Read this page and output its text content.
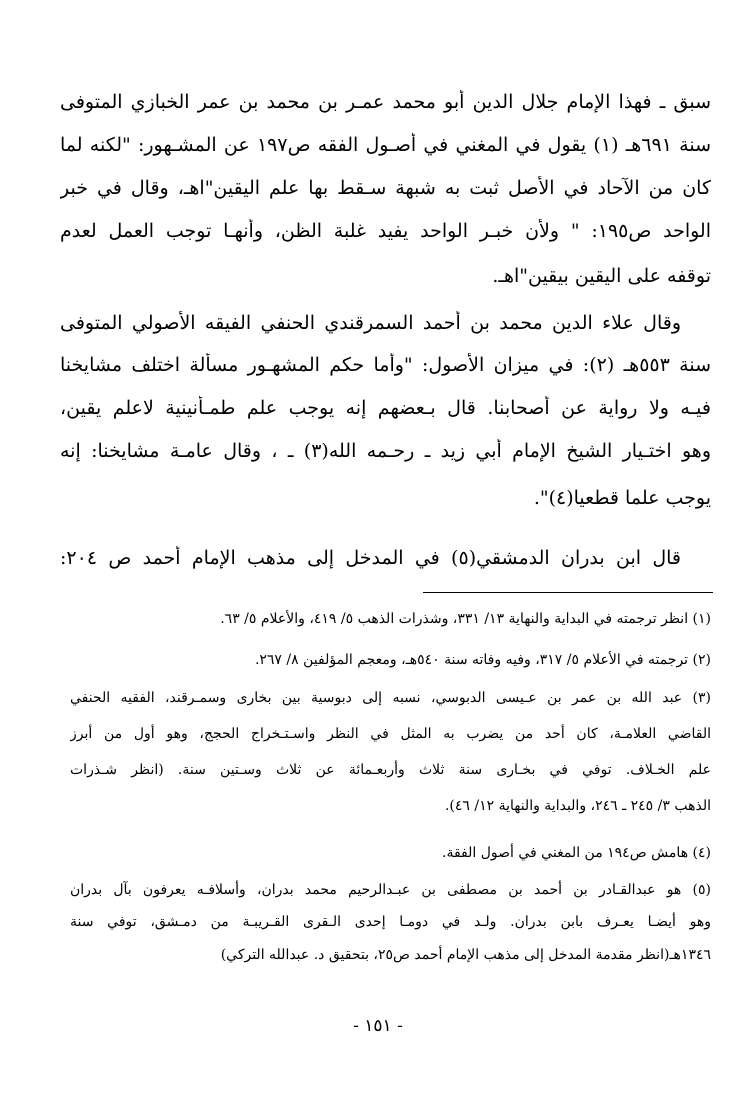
سبق ـ فهذا الإمام جلال الدين أبو محمد عمـر بن محمد بن عمر الخبازي المتوفى
سنة ٦٩١هـ (١) يقول في المغني في أصـول الفقه ص١٩٧ عن المشـهور: "لكنه لما
كان من الآحاد في الأصل ثبت به شبهة سـقط بها علم اليقين"اهـ، وقال في خبر
الواحد ص١٩٥: " ولأن خبـر الواحد يفيد غلبة الظن، وأنهـا توجب العمل لعدم
توقفه على اليقين بيقين"اهـ.
وقال علاء الدين محمد بن أحمد السمرقندي الحنفي الفيقه الأصولي المتوفى
سنة ٥٥٣هـ (٢): في ميزان الأصول: "وأما حكم المشهـور مسألة اختلف مشايخنا
فيـه ولا رواية عن أصحابنا. قال بـعضهم إنه يوجب علم طمـأنينية لاعلم يقين،
وهو اختـيار الشيخ الإمام أبي زيد ـ رحـمه الله(٣) ـ ، وقال عامـة مشايخنا: إنه
يوجب علما قطعيا(٤)".
قال ابن بدران الدمشقي(٥) في المدخل إلى مذهب الإمام أحمد ص ٢٠٤:
(١) انظر ترجمته في البداية والنهاية ١٣/ ٣٣١، وشذرات الذهب ٥/ ٤١٩، والأعلام ٥/ ٦٣.
(٢) ترجمته في الأعلام ٥/ ٣١٧، وفيه وفاته سنة ٥٤٠هـ، ومعجم المؤلفين ٨/ ٢٦٧.
(٣) عبد الله بن عمر بن عـيسى الدبوسي، نسبه إلى دبوسية بين بخارى وسمـرقند، الفقيه الحنفي
القاضي العلامـة، كان أحد من يضرب به المثل في النظر واسـتـخراج الحجج، وهو أول من أبرز
علم الخـلاف. توفي في بخـارى سنة ثلاث وأربعـمائة عن ثلاث وسـتين سنة. (انظر شـذرات
الذهب ٣/ ٢٤٥ ـ ٢٤٦، والبداية والنهاية ١٢/ ٤٦).
(٤) هامش ص١٩٤ من المغني في أصول الفقة.
(٥) هو عبدالقـادر بن أحمد بن مصطفى بن عبـدالرحيم محمد بدران، وأسلافـه يعرفون بآل بدران
وهو أيضـا يعـرف بابن بدران. ولـد في دومـا إحدى الـقرى القـريبـة من دمـشق، توفي سنة
١٣٤٦هـ(انظر مقدمة المدخل إلى مذهب الإمام أحمد ص٢٥، بتحقيق د. عبدالله التركي)
- ١٥١ -
